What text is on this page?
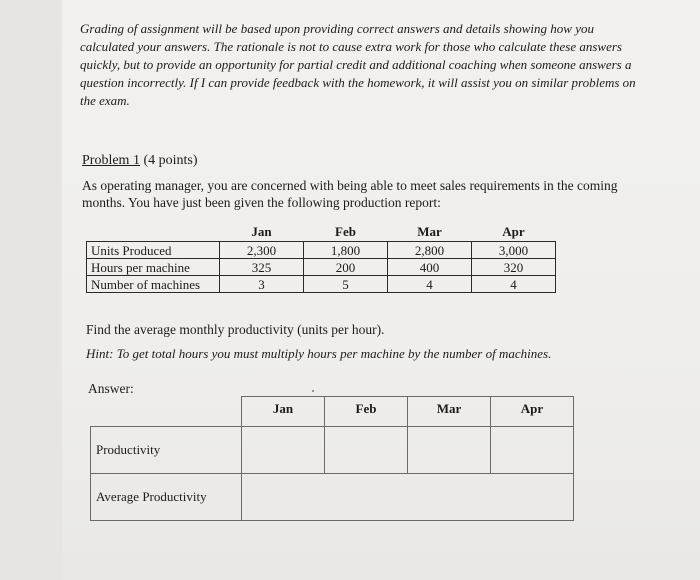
Grading of assignment will be based upon providing correct answers and details showing how you calculated your answers. The rationale is not to cause extra work for those who calculate these answers quickly, but to provide an opportunity for partial credit and additional coaching when someone answers a question incorrectly. If I can provide feedback with the homework, it will assist you on similar problems on the exam.
Problem 1 (4 points)
As operating manager, you are concerned with being able to meet sales requirements in the coming months. You have just been given the following production report:
	Jan	Feb	Mar	Apr
Units Produced	2,300	1,800	2,800	3,000
Hours per machine	325	200	400	320
Number of machines	3	5	4	4
Find the average monthly productivity (units per hour).
Hint: To get total hours you must multiply hours per machine by the number of machines.
Answer:
	Jan	Feb	Mar	Apr
Productivity				
Average Productivity				
